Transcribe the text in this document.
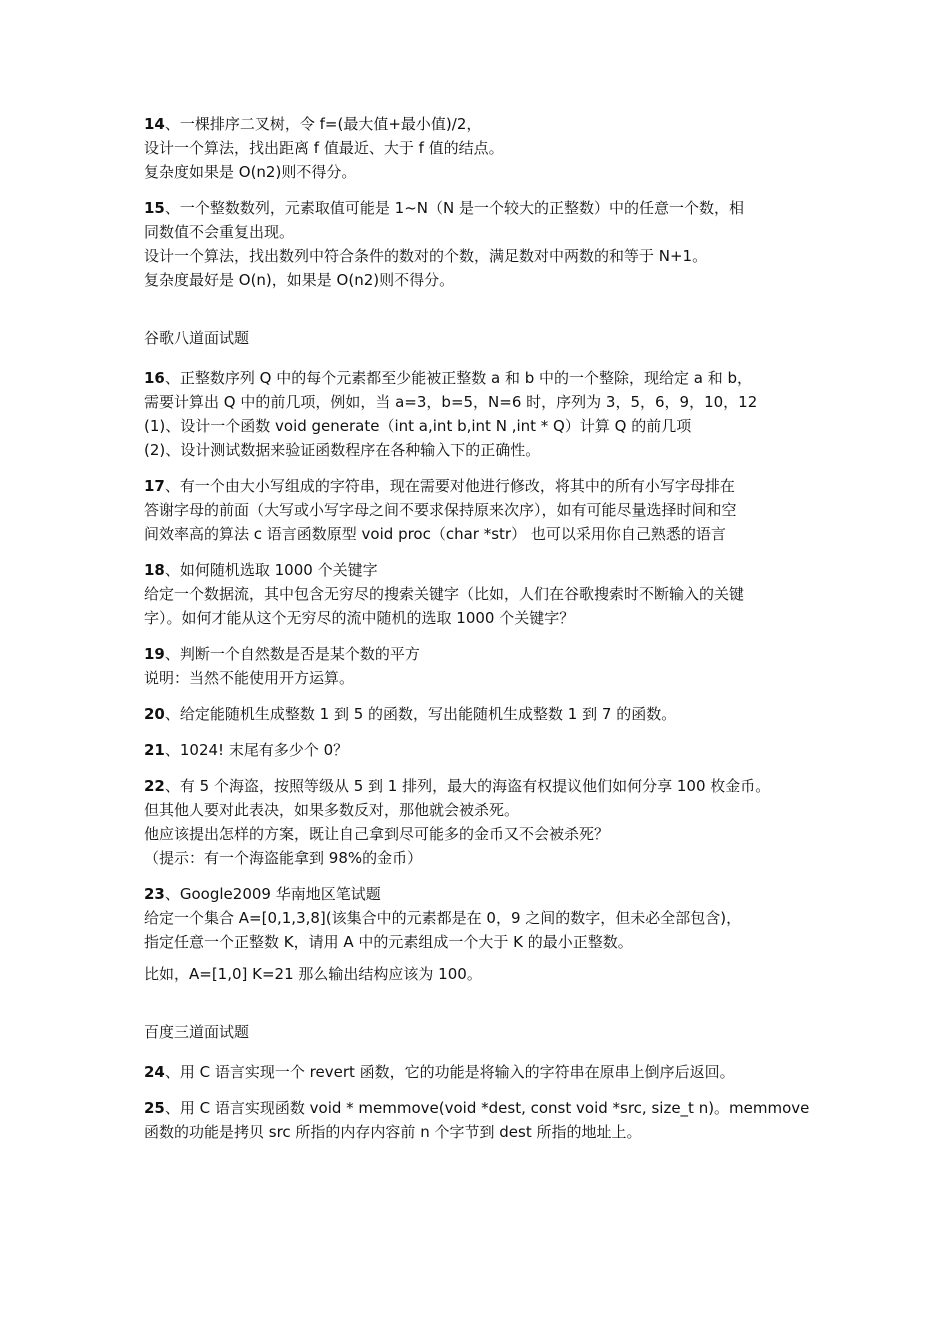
14、一棵排序二叉树，令 f=(最大值+最小值)/2，
设计一个算法，找出距离 f 值最近、大于 f 值的结点。
复杂度如果是 O(n2)则不得分。
15、一个整数数列，元素取值可能是 1~N（N 是一个较大的正整数）中的任意一个数，相
同数值不会重复出现。
设计一个算法，找出数列中符合条件的数对的个数，满足数对中两数的和等于 N+1。
复杂度最好是 O(n)，如果是 O(n2)则不得分。
谷歌八道面试题
16、正整数序列 Q 中的每个元素都至少能被正整数 a 和 b 中的一个整除，现给定 a 和 b，
需要计算出 Q 中的前几项，例如，当 a=3，b=5，N=6 时，序列为 3，5，6，9，10，12
(1)、设计一个函数 void generate（int a,int b,int N ,int * Q）计算 Q 的前几项
(2)、设计测试数据来验证函数程序在各种输入下的正确性。
17、有一个由大小写组成的字符串，现在需要对他进行修改，将其中的所有小写字母排在
答谢字母的前面（大写或小写字母之间不要求保持原来次序），如有可能尽量选择时间和空
间效率高的算法 c 语言函数原型 void proc（char *str） 也可以采用你自己熟悉的语言
18、如何随机选取 1000 个关键字
给定一个数据流，其中包含无穷尽的搜索关键字（比如，人们在谷歌搜索时不断输入的关键
字）。如何才能从这个无穷尽的流中随机的选取 1000 个关键字？
19、判断一个自然数是否是某个数的平方
说明：当然不能使用开方运算。
20、给定能随机生成整数 1 到 5 的函数，写出能随机生成整数 1 到 7 的函数。
21、1024! 末尾有多少个 0？
22、有 5 个海盗，按照等级从 5 到 1 排列，最大的海盗有权提议他们如何分享 100 枚金币。
但其他人要对此表决，如果多数反对，那他就会被杀死。
他应该提出怎样的方案，既让自己拿到尽可能多的金币又不会被杀死？
（提示：有一个海盗能拿到 98%的金币）
23、Google2009 华南地区笔试题
给定一个集合 A=[0,1,3,8](该集合中的元素都是在 0，9 之间的数字，但未必全部包含)，
指定任意一个正整数 K，请用 A 中的元素组成一个大于 K 的最小正整数。
比如，A=[1,0] K=21 那么输出结构应该为 100。
百度三道面试题
24、用 C 语言实现一个 revert 函数，它的功能是将输入的字符串在原串上倒序后返回。
25、用 C 语言实现函数 void * memmove(void *dest, const void *src, size_t n)。memmove
函数的功能是拷贝 src 所指的内存内容前 n 个字节到 dest 所指的地址上。
